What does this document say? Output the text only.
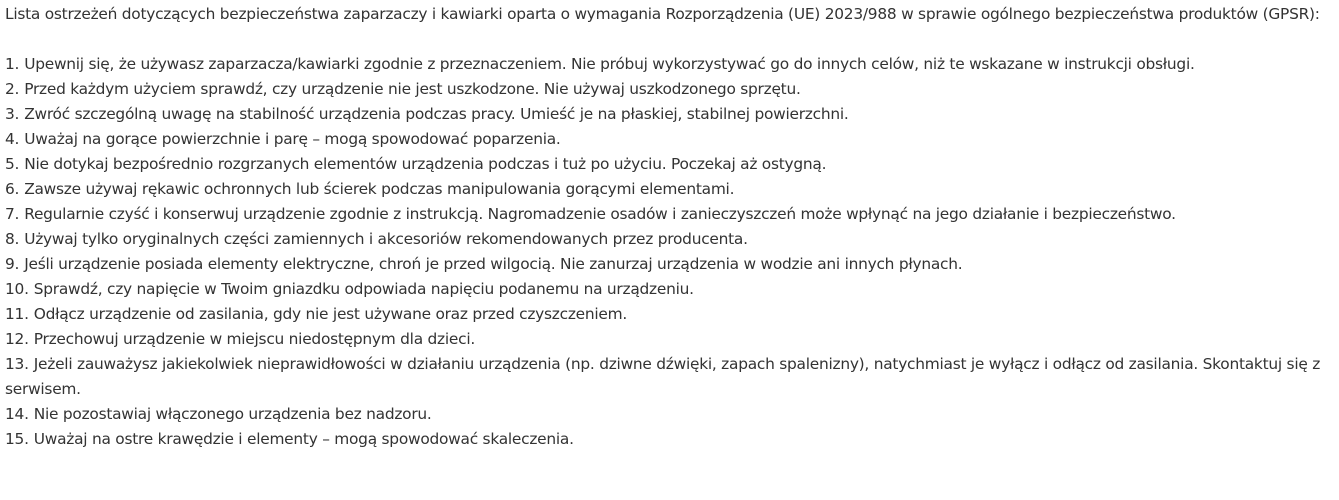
Lista ostrzeżeń dotyczących bezpieczeństwa zaparzaczy i kawiarki oparta o wymagania Rozporządzenia (UE) 2023/988 w sprawie ogólnego bezpieczeństwa produktów (GPSR):

1. Upewnij się, że używasz zaparzacza/kawiarki zgodnie z przeznaczeniem. Nie próbuj wykorzystywać go do innych celów, niż te wskazane w instrukcji obsługi.
2. Przed każdym użyciem sprawdź, czy urządzenie nie jest uszkodzone. Nie używaj uszkodzonego sprzętu.
3. Zwróć szczególną uwagę na stabilność urządzenia podczas pracy. Umieść je na płaskiej, stabilnej powierzchni.
4. Uważaj na gorące powierzchnie i parę – mogą spowodować poparzenia.
5. Nie dotykaj bezpośrednio rozgrzanych elementów urządzenia podczas i tuż po użyciu. Poczekaj aż ostygną.
6. Zawsze używaj rękawic ochronnych lub ścierek podczas manipulowania gorącymi elementami.
7. Regularnie czyść i konserwuj urządzenie zgodnie z instrukcją. Nagromadzenie osadów i zanieczyszczeń może wpłynąć na jego działanie i bezpieczeństwo.
8. Używaj tylko oryginalnych części zamiennych i akcesoriów rekomendowanych przez producenta.
9. Jeśli urządzenie posiada elementy elektryczne, chroń je przed wilgocią. Nie zanurzaj urządzenia w wodzie ani innych płynach.
10. Sprawdź, czy napięcie w Twoim gniazdku odpowiada napięciu podanemu na urządzeniu.
11. Odłącz urządzenie od zasilania, gdy nie jest używane oraz przed czyszczeniem.
12. Przechowuj urządzenie w miejscu niedostępnym dla dzieci.
13. Jeżeli zauważysz jakiekolwiek nieprawidłowości w działaniu urządzenia (np. dziwne dźwięki, zapach spalenizny), natychmiast je wyłącz i odłącz od zasilania. Skontaktuj się z serwisem.
14. Nie pozostawiaj włączonego urządzenia bez nadzoru.
15. Uważaj na ostre krawędzie i elementy – mogą spowodować skaleczenia.
